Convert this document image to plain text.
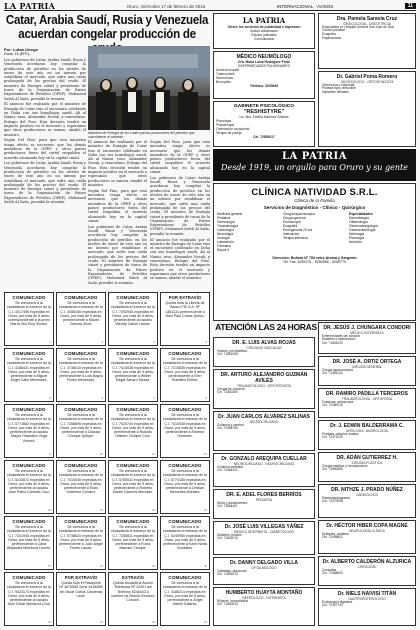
LA PATRIA	Oruro, miércoles 17 de febrero de 2016	INTERNACIONAL - AVISOS	11
Catar, Arabia Saudí, Rusia y Venezuela acuerdan congelar producción de
Por: Lutsa Urrego
Doha, 16 (EFE).-

Los gobiernos de Catar, Arabia Saudí, Rusia y Venezuela acordaron hoy congelar la producción de petróleo en los niveles de enero de este año en un intento por estabilizar el mercado, que sufre una caída prolongada de los precios del crudo. El ministro de Energía catarí y presidente de turno de la Organización de Países Exportadores de Petróleo (OPEP), Mohamed Saleh Al Sada, presidió la reunión.

El anuncio fue realizado por el ministro de Energía de Catar tras el encuentro celebrado en Doha con sus homólogos saudí, Ali al Naimi, ruso, Alexander Novak, y venezolano, Eulogio del Pino. Esta decisión tendrá un impacto positivo en el mercado y esperamos que otros productores se sumen, añadió el ministro.

Según Del Pino, para que esta iniciativa tenga efecto es necesario que los demás miembros de la OPEP y otros países productores fuera del cártel respalden el acuerdo alcanzado hoy en la capital catarí.

Los gobiernos de Catar, Arabia Saudí, Rusia y Venezuela acordaron hoy congelar la producción de petróleo en los niveles de enero de este año en un intento por estabilizar el mercado, que sufre una caída prolongada de los precios del crudo. El ministro de Energía catarí y presidente de turno de la Organización de Países Exportadores de Petróleo (OPEP), Mohamed Saleh Al Sada, presidió la reunión.

Ministros de Energía de los cuatro países productores del petróleo que suscribieron el acuerdo.

El anuncio fue realizado por el ministro de Energía de Catar tras el encuentro celebrado en Doha con sus homólogos saudí, Ali al Naimi, ruso, Alexander Novak, y venezolano, Eulogio del Pino. Esta decisión tendrá un impacto positivo en el mercado y esperamos que otros productores se sumen, añadió el ministro.

Según Del Pino, para que esta iniciativa tenga efecto es necesario que los demás miembros de la OPEP y otros países productores fuera del cártel respalden el acuerdo alcanzado hoy en la capital catarí.

Los gobiernos de Catar, Arabia Saudí, Rusia y Venezuela acordaron hoy congelar la producción de petróleo en los niveles de enero de este año en un intento por estabilizar el mercado, que sufre una caída prolongada de los precios del crudo. El ministro de Energía catarí y presidente de turno de la Organización de Países Exportadores de Petróleo (OPEP), Mohamed Saleh Al Sada, presidió la reunión.

Según Del Pino, para que esta iniciativa tenga efecto es necesario que los demás miembros de la OPEP y otros países productores fuera del cártel respalden el acuerdo alcanzado hoy en la capital catarí.

Los gobiernos de Catar, Arabia Saudí, Rusia y Venezuela acordaron hoy congelar la producción de petróleo en los niveles de enero de este año en un intento por estabilizar el mercado, que sufre una caída prolongada de los precios del crudo. El ministro de Energía catarí y presidente de turno de la Organización de Países Exportadores de Petróleo (OPEP), Mohamed Saleh Al Sada, presidió la reunión.

El anuncio fue realizado por el ministro de Energía de Catar tras el encuentro celebrado en Doha con sus homólogos saudí, Ali al Naimi, ruso, Alexander Novak, y venezolano, Eulogio del Pino. Esta decisión tendrá un impacto positivo en el mercado y esperamos que otros productores se sumen, añadió el ministro.

COMUNICADO
Se comunica a la ciudadanía el extravío de la C.I. 4017498 expedida en Oruro, por más de 5 años, correspondiente a la joven María Ollo Eloy Silvani.
1
COMUNICADO
Se comunica a la ciudadanía el extravío de la C.I. 4058155 expedida en Oruro, por más de 5 años, perteneciente a Mauro Zamora Zuna.
2
COMUNICADO
Se comunica a la ciudadanía el extravío de la C.I. 7292945 expedida en Oruro, por más de 5 años, perteneciente al usuario Wendy Carlos Llanos.
3
POR EXTRAVÍO
Queda nula la Libreta de Banco FIE S.A. Nº 1481131 perteneciente a Jhon Paul Chaca Quiroz.
4
COMUNICADO
Se comunica a la ciudadanía el extravío de la C.I. 4188431 expedida en Oruro, por más de 5 años, perteneciente a Miguel Ángel Calle Menesses.
5
COMUNICADO
Se comunica a la ciudadanía el extravío de la C.I. 3738415 expedida en Oruro, por más de 5 años, perteneciente a Luis Mayra Flores Menesses.
6
COMUNICADO
Se comunica a la ciudadanía el extravío de la C.I. 7410538 expedida en Oruro, por más de 5 años, perteneciente a Wilber Edgar Aimaro Mezas.
7
COMUNICADO
Se comunica a la ciudadanía el extravío de la C.I. 7210835 expedida en Oruro, por más de 5 años, perteneciente a Elen Ruediles Esther.
8
COMUNICADO
Se comunica a la ciudadanía el extravío de la C.I. 5774682 expedida en Oruro, por más de 5 años, perteneciente al usuario Mayra Orlandino Vega Vincent.
9
COMUNICADO
Se comunica a la ciudadanía el extravío de la C.I. 7268695 expedida en Oruro, por más de 5 años, perteneciente a Claudia Choque Quispe.
10
COMUNICADO
Se comunica a la ciudadanía el extravío de la C.I. 7020744 expedida en Oruro, por más de 5 años, perteneciente a Rodolfo Gilsbert Choque Cruz.
11
COMUNICADO
Se comunica a la ciudadanía el extravío de la C.I. 7410538 expedida en Oruro, por más de 5 años, perteneciente a Roberto Gimenez.
12
COMUNICADO
Se comunica a la ciudadanía el extravío de la C.I. 5233672 expedida en Oruro, por más de 5 años, perteneciente al usuario Juan Pablo Carballo Cruz.
13
COMUNICADO
Se comunica a la ciudadanía el extravío de la C.I. 7410545 expedida en Oruro, por más de 5 años, perteneciente a Elías Gutiérrez Condori.
14
COMUNICADO
Se comunica a la ciudadanía el extravío de la C.I. 5765532 expedida en Oruro, por más de 5 años, perteneciente a Roberto Daniel Cáceres Mercado.
15
COMUNICADO
Se comunica a la ciudadanía el extravío de la C.I. 5774165 expedida en Oruro, por más de 5 años, perteneciente a Cristian Mercedes Morales.
16
COMUNICADO
Se comunica a la ciudadanía el extravío de la C.I. 7241945 expedida en Oruro, por más de 5 años, perteneciente a Carla Alejandra Mendoza Lucero.
17
COMUNICADO
Se comunica a la ciudadanía el extravío de la C.I. 5738620 expedida en Oruro, por más de 5 años, perteneciente a Juan Ángel Flores Laruta.
18
COMUNICADO
Se comunica a la ciudadanía el extravío de la C.I. 7255811 expedida en Oruro, por más de 5 años, perteneciente a Franz Mamani Choque.
19
COMUNICADO
Se comunica a la ciudadanía el extravío de la C.I. 5240950 expedida en Oruro, por más de 5 años, perteneciente a Karin Ninfa Gonzales.
20
COMUNICADO
Se comunica a la ciudadanía el extravío de la C.I. 9423173 expedida en Oruro, por más de 5 años, perteneciente al usuario Julio César Mendoza Cruz.
21
POR EXTRAVÍO
Queda nulo el Pasaporte Nº 4670565 Serie A166595 de Oscar Carlos Cárdenas Ledo.
22
EXTRAVÍO
Queda anulada la Acción Telefónica Nº 22491 del Teléfono 5246433 a nombre de Braulio Escarzo Condori.
23
COMUNICADO
Se comunica a la ciudadanía el extravío de la C.I. 4188214 expedida en Oruro, por más de 5 años, perteneciente a Ángel Martín Galarza.
24
LA PATRIA
Ofrece los servicios de publicidad e impresión
Avisos clasificados
Edictos judiciales
Comunicados
MÉDICO NEUMÓLOGO
Dra. María Luisa Rodríguez Pinto
ENFERMEDADES PULMONARES
Asma bronquial
Tuberculosis
Neumonías
Bronquitis
Teléfono: 5250646
GABINETE PSICOLÓGICO
"RESHISTYRE"
Lic. Mst. Ethelia Martínez Solares
Psicología
Psicoterapia
Orientación vocacional
Terapia de pareja
Cel. 72850017
Dra. Pamela Saravia Cruz
GINECOLOGÍA - OBSTETRICIA
Especialista en Hospital General San Juan de Dios
Control prenatal
Ecografía
Papanicolaou
Dr. Gabriel Poma Romero
ODONTÓLOGO - ORTODONCISTA
Ortodoncia y ortopedia
Prótesis fija y removible
Implantes dentales
LA PATRIA
Desde 1919, un orgullo para Oruro y su gente
CLÍNICA NATIVIDAD S.R.L.
Clínica de la Familia
Servicios de Diagnóstico - Clínico - Quirúrgico
Medicina general
Pediatría
Ginecología
Traumatología
Cardiología
Neurología
Urología
Laboratorio
Farmacia
Rayos X
Cirugía laparoscópica
Cirugía general
Endoscopía
Ecografía
Emergencias 24 hrs
Internación
Terapia intensiva
Especialidades
Dermatología
Oftalmología
Otorrinolaringología
Gastroenterología
Nefrología
Psicología
Nutrición
Dirección: Bolívar Nº 753 entre Aroma y Sargento
Tel. Fax: 5254731 - 5250566 - 5256770
ATENCIÓN LAS 24 HORAS
DR. E. LUIS ALVAS ROJAS
CIRUJANO VASCULAR
Várices, pie diabético
Cel. 71851055
DR. ARTURO ALEJANDRO GUZMÁN AVILÉS
TRAUMATÓLOGO - ORTOPEDISTA
Cirugía de columna
Cel. 71830250
Dr. JUAN CARLOS ÁLVAREZ SALINAS
NEUROCIRUJANO
Columna y cerebro
Cel. 72486750
Dr. GONZALO AREQUIPA CUELLAR
NEUROCIRUJANO - NEUROCIRUJANO
Columna vertebral
Cel. 72484321
DR. E. ADEL FLORES BERRÍOS
PEDIATRA
Niños y adolescentes
Cel. 71854401
Dr. JOSÉ LUIS VILLEGAS YÁÑEZ
MÉDICO INTERNISTA - DIABETÓLOGO
Diabetes, tiroides
Cel. 71842010
Dr. DANNY DELGADO VILLA
OFTALMÓLOGO
Cataratas, glaucoma
Cel. 71891010
HUMBERTO HUAYTA MONTAÑO
NEFRÓLOGO - INTERNISTA
Riñones, hemodiálisis
Cel. 71840033
DR. JESÚS J. CHUNGARA CONDORI
MÉDICO INTERNISTA
Enfermedades del corazón
Diabetes e hipertensión
Cel. 71845120
DR. JOSÉ A. ORTIZ ORTEGA
CIRUGÍA GENERAL
Cirugía laparoscópica
Cel. 72481100
DR. RAMIRO PADILLA TERCEROS
TRAUMATOLOGÍA - ORTOPEDIA
Fracturas, artroscopía
Cel. 72480015
Dr. J. EDWIN BALDERRAMA C.
UROLOGÍA - ANDROLOGÍA
Próstata, cálculos renales
Cel. 72471025
DR. ADÁN GUTIÉRREZ H.
CIRUGÍA PLÁSTICA
Cirugía estética y reconstructiva
Cel. 71890555
DR. NITHZE J. PRADO NÚÑEZ
CARDIÓLOGO
Electrocardiograma
Cel. 72470066
Dr. HÉCTOR HIBER COPA MAGNE
NEUROLOGÍA CLÍNICA
Epilepsia, cefaleas
Cel. 72498802
Dr. ALBERTO CALDERÓN ALZURICA
UROLOGÍA
Consultas
Cel. 72466600
Dr. NIELS NAIVISI TITÁN
GASTROENTERÓLOGO
Endoscopía digestiva
Cel. 72497744
